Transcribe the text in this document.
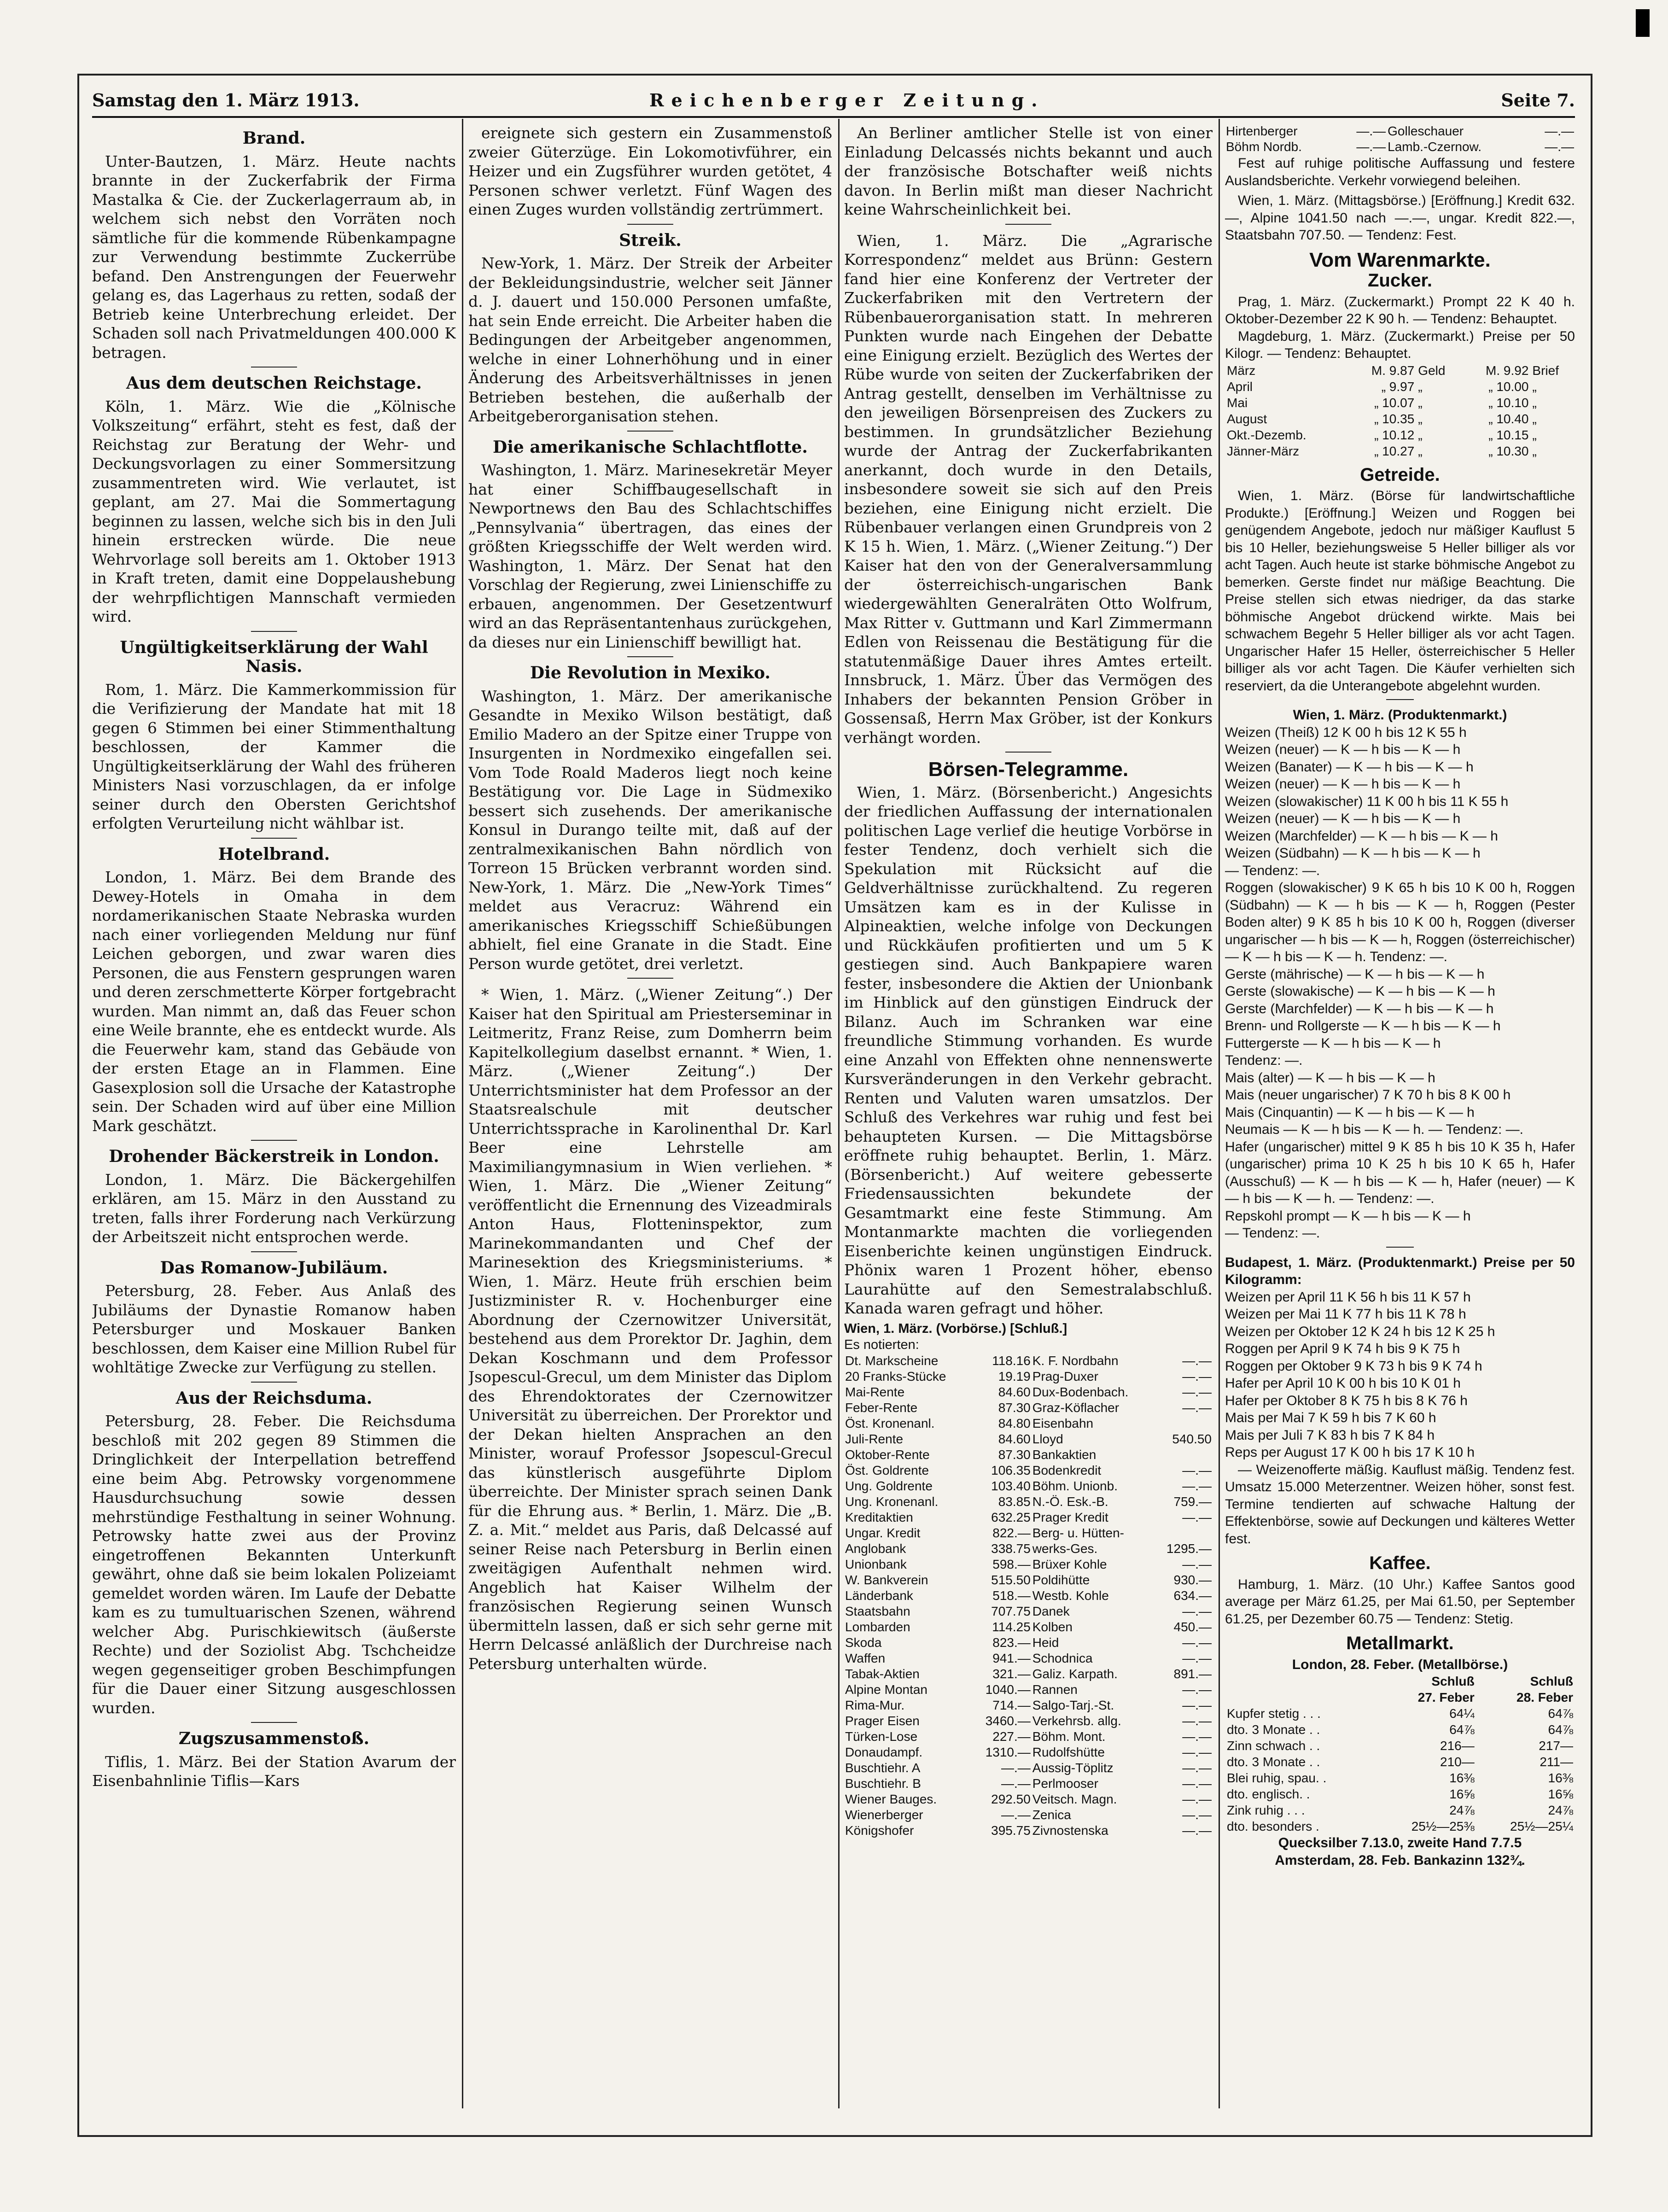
Samstag den 1. März 1913.	Reichenberger Zeitung.	Seite 7.
Brand.
Unter-Bautzen, 1. März. Heute nachts brannte in der Zuckerfabrik der Firma Mastalka & Cie. der Zuckerlagerraum ab, in welchem sich nebst den Vorräten noch sämtliche für die kommende Rübenkampagne zur Verwendung bestimmte Zuckerrübe befand. Den Anstrengungen der Feuerwehr gelang es, das Lagerhaus zu retten, sodaß der Betrieb keine Unterbrechung erleidet. Der Schaden soll nach Privatmeldungen 400.000 K betragen.
Aus dem deutschen Reichstage.
Köln, 1. März. Wie die „Kölnische Volkszeitung“ erfährt, steht es fest, daß der Reichstag zur Beratung der Wehr- und Deckungsvorlagen zu einer Sommersitzung zusammentreten wird. Wie verlautet, ist geplant, am 27. Mai die Sommertagung beginnen zu lassen, welche sich bis in den Juli hinein erstrecken würde. Die neue Wehrvorlage soll bereits am 1. Oktober 1913 in Kraft treten, damit eine Doppelaushebung der wehrpflichtigen Mannschaft vermieden wird.
Ungültigkeitserklärung der Wahl Nasis.
Rom, 1. März. Die Kammerkommission für die Verifizierung der Mandate hat mit 18 gegen 6 Stimmen bei einer Stimmenthaltung beschlossen, der Kammer die Ungültigkeitserklärung der Wahl des früheren Ministers Nasi vorzuschlagen, da er infolge seiner durch den Obersten Gerichtshof erfolgten Verurteilung nicht wählbar ist.
Hotelbrand.
London, 1. März. Bei dem Brande des Dewey-Hotels in Omaha in dem nordamerikanischen Staate Nebraska wurden nach einer vorliegenden Meldung nur fünf Leichen geborgen, und zwar waren dies Personen, die aus Fenstern gesprungen waren und deren zerschmetterte Körper fortgebracht wurden. Man nimmt an, daß das Feuer schon eine Weile brannte, ehe es entdeckt wurde. Als die Feuerwehr kam, stand das Gebäude von der ersten Etage an in Flammen. Eine Gasexplosion soll die Ursache der Katastrophe sein. Der Schaden wird auf über eine Million Mark geschätzt.
Drohender Bäckerstreik in London.
London, 1. März. Die Bäckergehilfen erklären, am 15. März in den Ausstand zu treten, falls ihrer Forderung nach Verkürzung der Arbeitszeit nicht entsprochen werde.
Das Romanow-Jubiläum.
Petersburg, 28. Feber. Aus Anlaß des Jubiläums der Dynastie Romanow haben Petersburger und Moskauer Banken beschlossen, dem Kaiser eine Million Rubel für wohltätige Zwecke zur Verfügung zu stellen.
Aus der Reichsduma.
Petersburg, 28. Feber. Die Reichsduma beschloß mit 202 gegen 89 Stimmen die Dringlichkeit der Interpellation betreffend eine beim Abg. Petrowsky vorgenommene Hausdurchsuchung sowie dessen mehrstündige Festhaltung in seiner Wohnung. Petrowsky hatte zwei aus der Provinz eingetroffenen Bekannten Unterkunft gewährt, ohne daß sie beim lokalen Polizeiamt gemeldet worden wären. Im Laufe der Debatte kam es zu tumultuarischen Szenen, während welcher Abg. Purischkiewitsch (äußerste Rechte) und der Soziolist Abg. Tschcheidze wegen gegenseitiger groben Beschimpfungen für die Dauer einer Sitzung ausgeschlossen wurden.
Zugszusammenstoß.
Tiflis, 1. März. Bei der Station Avarum der Eisenbahnlinie Tiflis—Kars
ereignete sich gestern ein Zusammenstoß zweier Güterzüge. Ein Lokomotivführer, ein Heizer und ein Zugsführer wurden getötet, 4 Personen schwer verletzt. Fünf Wagen des einen Zuges wurden vollständig zertrümmert.
Streik.
New-York, 1. März. Der Streik der Arbeiter der Bekleidungsindustrie, welcher seit Jänner d. J. dauert und 150.000 Personen umfaßte, hat sein Ende erreicht. Die Arbeiter haben die Bedingungen der Arbeitgeber angenommen, welche in einer Lohnerhöhung und in einer Änderung des Arbeitsverhältnisses in jenen Betrieben bestehen, die außerhalb der Arbeitgeberorganisation stehen.
Die amerikanische Schlachtflotte.
Washington, 1. März. Marinesekretär Meyer hat einer Schiffbaugesellschaft in Newportnews den Bau des Schlachtschiffes „Pennsylvania“ übertragen, das eines der größten Kriegsschiffe der Welt werden wird. Washington, 1. März. Der Senat hat den Vorschlag der Regierung, zwei Linienschiffe zu erbauen, angenommen. Der Gesetzentwurf wird an das Repräsentantenhaus zurückgehen, da dieses nur ein Linienschiff bewilligt hat.
Die Revolution in Mexiko.
Washington, 1. März. Der amerikanische Gesandte in Mexiko Wilson bestätigt, daß Emilio Madero an der Spitze einer Truppe von Insurgenten in Nordmexiko eingefallen sei. Vom Tode Roald Maderos liegt noch keine Bestätigung vor. Die Lage in Südmexiko bessert sich zusehends. Der amerikanische Konsul in Durango teilte mit, daß auf der zentralmexikanischen Bahn nördlich von Torreon 15 Brücken verbrannt worden sind. New-York, 1. März. Die „New-York Times“ meldet aus Veracruz: Während ein amerikanisches Kriegsschiff Schießübungen abhielt, fiel eine Granate in die Stadt. Eine Person wurde getötet, drei verletzt.
* Wien, 1. März. („Wiener Zeitung“.) Der Kaiser hat den Spiritual am Priesterseminar in Leitmeritz, Franz Reise, zum Domherrn beim Kapitelkollegium daselbst ernannt. * Wien, 1. März. („Wiener Zeitung“.) Der Unterrichtsminister hat dem Professor an der Staatsrealschule mit deutscher Unterrichtssprache in Karolinenthal Dr. Karl Beer eine Lehrstelle am Maximiliangymnasium in Wien verliehen. * Wien, 1. März. Die „Wiener Zeitung“ veröffentlicht die Ernennung des Vizeadmirals Anton Haus, Flotteninspektor, zum Marinekommandanten und Chef der Marinesektion des Kriegsministeriums. * Wien, 1. März. Heute früh erschien beim Justizminister R. v. Hochenburger eine Abordnung der Czernowitzer Universität, bestehend aus dem Prorektor Dr. Jaghin, dem Dekan Koschmann und dem Professor Jsopescul-Grecul, um dem Minister das Diplom des Ehrendoktorates der Czernowitzer Universität zu überreichen. Der Prorektor und der Dekan hielten Ansprachen an den Minister, worauf Professor Jsopescul-Grecul das künstlerisch ausgeführte Diplom überreichte. Der Minister sprach seinen Dank für die Ehrung aus. * Berlin, 1. März. Die „B. Z. a. Mit.“ meldet aus Paris, daß Delcassé auf seiner Reise nach Petersburg in Berlin einen zweitägigen Aufenthalt nehmen wird. Angeblich hat Kaiser Wilhelm der französischen Regierung seinen Wunsch übermitteln lassen, daß er sich sehr gerne mit Herrn Delcassé anläßlich der Durchreise nach Petersburg unterhalten würde.
An Berliner amtlicher Stelle ist von einer Einladung Delcassés nichts bekannt und auch der französische Botschafter weiß nichts davon. In Berlin mißt man dieser Nachricht keine Wahrscheinlichkeit bei.
Wien, 1. März. Die „Agrarische Korrespondenz“ meldet aus Brünn: Gestern fand hier eine Konferenz der Vertreter der Zuckerfabriken mit den Vertretern der Rübenbauerorganisation statt. In mehreren Punkten wurde nach Eingehen der Debatte eine Einigung erzielt. Bezüglich des Wertes der Rübe wurde von seiten der Zuckerfabriken der Antrag gestellt, denselben im Verhältnisse zu den jeweiligen Börsenpreisen des Zuckers zu bestimmen. In grundsätzlicher Beziehung wurde der Antrag der Zuckerfabrikanten anerkannt, doch wurde in den Details, insbesondere soweit sie sich auf den Preis beziehen, eine Einigung nicht erzielt. Die Rübenbauer verlangen einen Grundpreis von 2 K 15 h. Wien, 1. März. („Wiener Zeitung.“) Der Kaiser hat den von der Generalversammlung der österreichisch-ungarischen Bank wiedergewählten Generalräten Otto Wolfrum, Max Ritter v. Guttmann und Karl Zimmermann Edlen von Reissenau die Bestätigung für die statutenmäßige Dauer ihres Amtes erteilt. Innsbruck, 1. März. Über das Vermögen des Inhabers der bekannten Pension Gröber in Gossensaß, Herrn Max Gröber, ist der Konkurs verhängt worden.
Börsen-Telegramme.
Wien, 1. März. (Börsenbericht.) Angesichts der friedlichen Auffassung der internationalen politischen Lage verlief die heutige Vorbörse in fester Tendenz, doch verhielt sich die Spekulation mit Rücksicht auf die Geldverhältnisse zurückhaltend. Zu regeren Umsätzen kam es in der Kulisse in Alpineaktien, welche infolge von Deckungen und Rückkäufen profitierten und um 5 K gestiegen sind. Auch Bankpapiere waren fester, insbesondere die Aktien der Unionbank im Hinblick auf den günstigen Eindruck der Bilanz. Auch im Schranken war eine freundliche Stimmung vorhanden. Es wurde eine Anzahl von Effekten ohne nennenswerte Kursveränderungen in den Verkehr gebracht. Renten und Valuten waren umsatzlos. Der Schluß des Verkehres war ruhig und fest bei behaupteten Kursen. — Die Mittagsbörse eröffnete ruhig behauptet. Berlin, 1. März. (Börsenbericht.) Auf weitere gebesserte Friedensaussichten bekundete der Gesamtmarkt eine feste Stimmung. Am Montanmarkte machten die vorliegenden Eisenberichte keinen ungünstigen Eindruck. Phönix waren 1 Prozent höher, ebenso Laurahütte auf den Semestralabschluß. Kanada waren gefragt und höher.
Wien, 1. März. (Vorbörse.) [Schluß.]
Es notierten:
Dt. Markscheine	118.16	K. F. Nordbahn	—.—
20 Franks-Stücke	19.19	Prag-Duxer	—.—
Mai-Rente	84.60	Dux-Bodenbach.	—.—
Feber-Rente	87.30	Graz-Köflacher	—.—
Öst. Kronenanl.	84.80	Eisenbahn	
Juli-Rente	84.60	Lloyd	540.50
Oktober-Rente	87.30	Bankaktien	
Öst. Goldrente	106.35	Bodenkredit	—.—
Ung. Goldrente	103.40	Böhm. Unionb.	—.—
Ung. Kronenanl.	83.85	N.-Ö. Esk.-B.	759.—
Kreditaktien	632.25	Prager Kredit	—.—
Ungar. Kredit	822.—	Berg- u. Hütten-	
Anglobank	338.75	werks-Ges.	1295.—
Unionbank	598.—	Brüxer Kohle	—.—
W. Bankverein	515.50	Poldihütte	930.—
Länderbank	518.—	Westb. Kohle	634.—
Staatsbahn	707.75	Danek	—.—
Lombarden	114.25	Kolben	450.—
Skoda	823.—	Heid	—.—
Waffen	941.—	Schodnica	—.—
Tabak-Aktien	321.—	Galiz. Karpath.	891.—
Alpine Montan	1040.—	Rannen	—.—
Rima-Mur.	714.—	Salgo-Tarj.-St.	—.—
Prager Eisen	3460.—	Verkehrsb. allg.	—.—
Türken-Lose	227.—	Böhm. Mont.	—.—
Donaudampf.	1310.—	Rudolfshütte	—.—
Buschtiehr. A	—.—	Aussig-Töplitz	—.—
Buschtiehr. B	—.—	Perlmooser	—.—
Wiener Bauges.	292.50	Veitsch. Magn.	—.—
Wienerberger	—.—	Zenica	—.—
Königshofer	395.75	Zivnostenska	—.—
Hirtenberger	—.—	Golleschauer	—.—
Böhm Nordb.	—.—	Lamb.-Czernow.	—.—
Fest auf ruhige politische Auffassung und festere Auslandsberichte. Verkehr vorwiegend beleihen.
Wien, 1. März. (Mittagsbörse.) [Eröffnung.] Kredit 632.—, Alpine 1041.50 nach —.—, ungar. Kredit 822.—, Staatsbahn 707.50. — Tendenz: Fest.
Vom Warenmarkte.
Zucker.
Prag, 1. März. (Zuckermarkt.) Prompt 22 K 40 h. Oktober-Dezember 22 K 90 h. — Tendenz: Behauptet.
Magdeburg, 1. März. (Zuckermarkt.) Preise per 50 Kilogr. — Tendenz: Behauptet.
März	M. 9.87	Geld	M. 9.92	Brief
April	„ 9.97	„	„ 10.00	„
Mai	„ 10.07	„	„ 10.10	„
August	„ 10.35	„	„ 10.40	„
Okt.-Dezemb.	„ 10.12	„	„ 10.15	„
Jänner-März	„ 10.27	„	„ 10.30	„
Getreide.
Wien, 1. März. (Börse für landwirtschaftliche Produkte.) [Eröffnung.] Weizen und Roggen bei genügendem Angebote, jedoch nur mäßiger Kauflust 5 bis 10 Heller, beziehungsweise 5 Heller billiger als vor acht Tagen. Auch heute ist starke böhmische Angebot zu bemerken. Gerste findet nur mäßige Beachtung. Die Preise stellen sich etwas niedriger, da das starke böhmische Angebot drückend wirkte. Mais bei schwachem Begehr 5 Heller billiger als vor acht Tagen. Ungarischer Hafer 15 Heller, österreichischer 5 Heller billiger als vor acht Tagen. Die Käufer verhielten sich reserviert, da die Unterangebote abgelehnt wurden.
Wien, 1. März. (Produktenmarkt.)
Weizen (Theiß) 12 K 00 h bis 12 K 55 h
Weizen (neuer) — K — h bis — K — h
Weizen (Banater) — K — h bis — K — h
Weizen (neuer) — K — h bis — K — h
Weizen (slowakischer) 11 K 00 h bis 11 K 55 h
Weizen (neuer) — K — h bis — K — h
Weizen (Marchfelder) — K — h bis — K — h
Weizen (Südbahn) — K — h bis — K — h
— Tendenz: —.
Roggen (slowakischer) 9 K 65 h bis 10 K 00 h, Roggen (Südbahn) — K — h bis — K — h, Roggen (Pester Boden alter) 9 K 85 h bis 10 K 00 h, Roggen (diverser ungarischer — h bis — K — h, Roggen (österreichischer) — K — h bis — K — h. Tendenz: —.
Gerste (mährische) — K — h bis — K — h
Gerste (slowakische) — K — h bis — K — h
Gerste (Marchfelder) — K — h bis — K — h
Brenn- und Rollgerste — K — h bis — K — h
Futtergerste — K — h bis — K — h
Tendenz: —.
Mais (alter) — K — h bis — K — h
Mais (neuer ungarischer) 7 K 70 h bis 8 K 00 h
Mais (Cinquantin) — K — h bis — K — h
Neumais — K — h bis — K — h. — Tendenz: —.
Hafer (ungarischer) mittel 9 K 85 h bis 10 K 35 h, Hafer (ungarischer) prima 10 K 25 h bis 10 K 65 h, Hafer (Ausschuß) — K — h bis — K — h, Hafer (neuer) — K — h bis — K — h. — Tendenz: —.
Repskohl prompt — K — h bis — K — h
— Tendenz: —.
Budapest, 1. März. (Produktenmarkt.) Preise per 50 Kilogramm:
Weizen per April 11 K 56 h bis 11 K 57 h
Weizen per Mai 11 K 77 h bis 11 K 78 h
Weizen per Oktober 12 K 24 h bis 12 K 25 h
Roggen per April 9 K 74 h bis 9 K 75 h
Roggen per Oktober 9 K 73 h bis 9 K 74 h
Hafer per April 10 K 00 h bis 10 K 01 h
Hafer per Oktober 8 K 75 h bis 8 K 76 h
Mais per Mai 7 K 59 h bis 7 K 60 h
Mais per Juli 7 K 83 h bis 7 K 84 h
Reps per August 17 K 00 h bis 17 K 10 h
— Weizenofferte mäßig. Kauflust mäßig. Tendenz fest. Umsatz 15.000 Meterzentner. Weizen höher, sonst fest. Termine tendierten auf schwache Haltung der Effektenbörse, sowie auf Deckungen und kälteres Wetter fest.
Kaffee.
Hamburg, 1. März. (10 Uhr.) Kaffee Santos good average per März 61.25, per Mai 61.50, per September 61.25, per Dezember 60.75 — Tendenz: Stetig.
Metallmarkt.
London, 28. Feber. (Metallbörse.)
	Schluß	Schluß
	27. Feber	28. Feber
Kupfer stetig . . .	64¼	64⅞
dto. 3 Monate . .	64⅞	64⅞
Zinn schwach . .	216—	217—
dto. 3 Monate . .	210—	211—
Blei ruhig, spau. .	16⅜	16⅜
dto. englisch. .	16⅝	16⅝
Zink ruhig . . .	24⅞	24⅞
dto. besonders .	25½—25⅜	25½—25¼
Quecksilber 7.13.0, zweite Hand 7.7.5
Amsterdam, 28. Feb. Bankazinn 132¾.
